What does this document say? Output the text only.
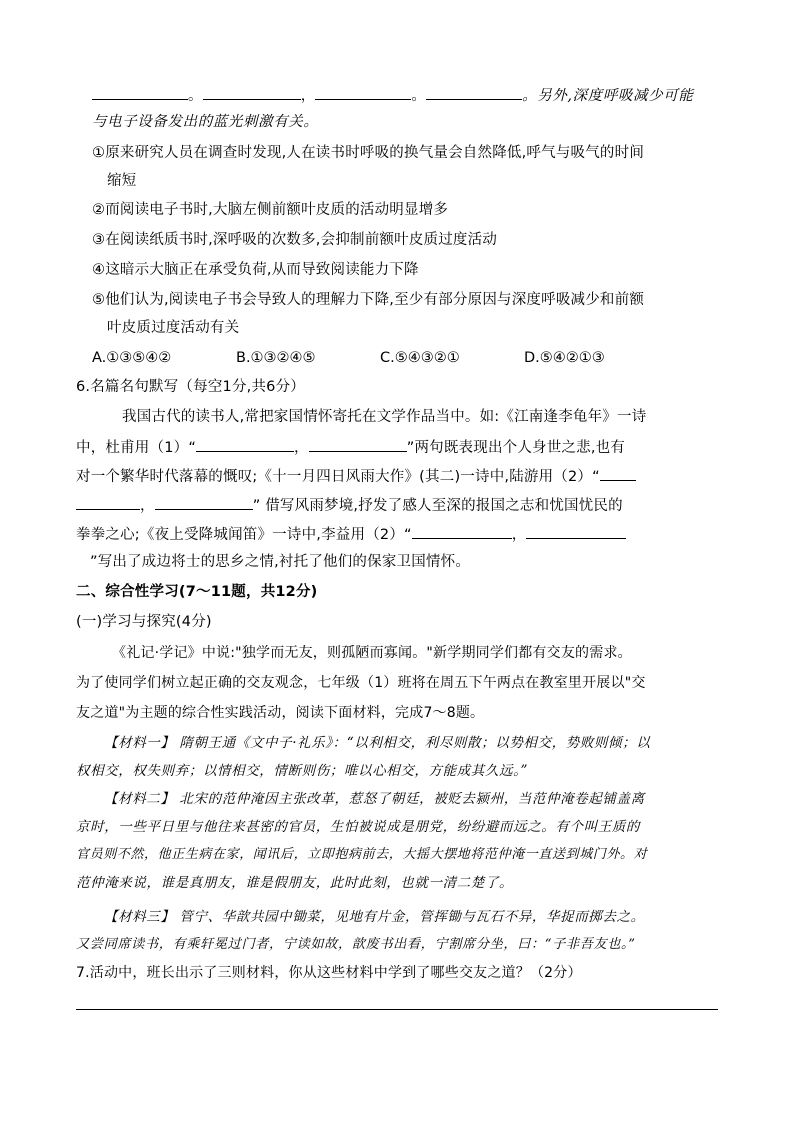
。	，	。	。另外,深度呼吸减少可能
与电子设备发出的蓝光刺激有关。
①原来研究人员在调查时发现,人在读书时呼吸的换气量会自然降低,呼气与吸气的时间
缩短
②而阅读电子书时,大脑左侧前额叶皮质的活动明显增多
③在阅读纸质书时,深呼吸的次数多,会抑制前额叶皮质过度活动
④这暗示大脑正在承受负荷,从而导致阅读能力下降
⑤他们认为,阅读电子书会导致人的理解力下降,至少有部分原因与深度呼吸减少和前额
叶皮质过度活动有关
A.①③⑤④②	B.①③②④⑤	C.⑤④③②①	D.⑤④②①③
6.名篇名句默写（每空1分,共6分）
我国古代的读书人,常把家国情怀寄托在文学作品当中。如:《江南逢李龟年》一诗
中，杜甫用（1）“	，	”两句既表现出个人身世之悲,也有
对一个繁华时代落幕的慨叹;《十一月四日风雨大作》(其二)一诗中,陆游用（2）“
，	” 借写风雨梦境,抒发了感人至深的报国之志和忧国忧民的
拳拳之心;《夜上受降城闻笛》一诗中,李益用（2）“	，
”写出了成边将士的思乡之情,衬托了他们的保家卫国情怀。
二、综合性学习(7～11题，共12分)
(一)学习与探究(4分)
《礼记·学记》中说:"独学而无友，则孤陋而寡闻。"新学期同学们都有交友的需求。
为了使同学们树立起正确的交友观念，七年级（1）班将在周五下午两点在教室里开展以"交
友之道"为主题的综合性实践活动，阅读下面材料，完成7～8题。
【材料一】 隋朝王通《文中子·礼乐》：“以利相交，利尽则散；以势相交，势败则倾；以
权相交，权失则弃；以情相交，情断则伤；唯以心相交，方能成其久远。”
【材料二】 北宋的范仲淹因主张改革，惹怒了朝廷，被贬去颍州，当范仲淹卷起铺盖离
京时，一些平日里与他往来甚密的官员，生怕被说成是朋党，纷纷避而远之。有个叫王质的
官员则不然，他正生病在家，闻讯后，立即抱病前去，大摇大摆地将范仲淹一直送到城门外。对
范仲淹来说，谁是真朋友，谁是假朋友，此时此刻，也就一清二楚了。
【材料三】 管宁、华歆共园中锄菜，见地有片金，管挥锄与瓦石不异，华捉而掷去之。
又尝同席读书，有乘轩冕过门者，宁读如故，歆废书出看，宁割席分坐，曰：“子非吾友也。”
7.活动中，班长出示了三则材料，你从这些材料中学到了哪些交友之道？（2分）
